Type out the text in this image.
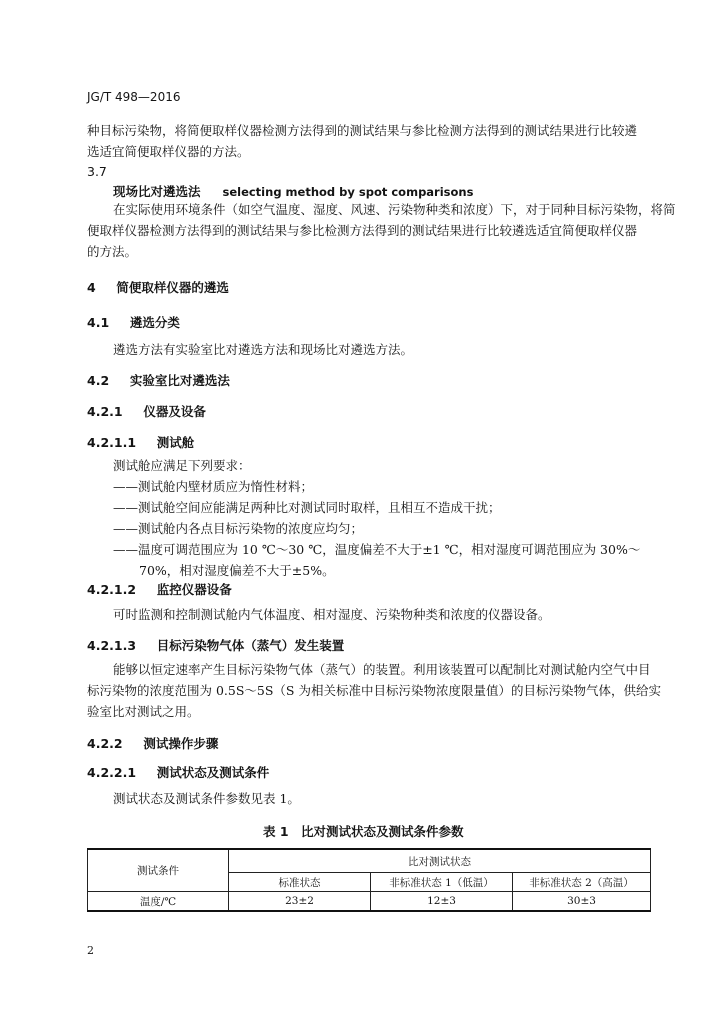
JG/T 498—2016
种目标污染物，将简便取样仪器检测方法得到的测试结果与参比检测方法得到的测试结果进行比较遴
选适宜简便取样仪器的方法。
3.7
现场比对遴选法 selecting method by spot comparisons
在实际使用环境条件（如空气温度、湿度、风速、污染物种类和浓度）下，对于同种目标污染物，将简
便取样仪器检测方法得到的测试结果与参比检测方法得到的测试结果进行比较遴选适宜简便取样仪器
的方法。
4 简便取样仪器的遴选
4.1 遴选分类
遴选方法有实验室比对遴选方法和现场比对遴选方法。
4.2 实验室比对遴选法
4.2.1 仪器及设备
4.2.1.1 测试舱
测试舱应满足下列要求：
——测试舱内壁材质应为惰性材料；
——测试舱空间应能满足两种比对测试同时取样，且相互不造成干扰；
——测试舱内各点目标污染物的浓度应均匀；
——温度可调范围应为 10 ℃～30 ℃，温度偏差不大于±1 ℃，相对湿度可调范围应为 30%～
70%，相对湿度偏差不大于±5%。
4.2.1.2 监控仪器设备
可时监测和控制测试舱内气体温度、相对湿度、污染物种类和浓度的仪器设备。
4.2.1.3 目标污染物气体（蒸气）发生装置
能够以恒定速率产生目标污染物气体（蒸气）的装置。利用该装置可以配制比对测试舱内空气中目
标污染物的浓度范围为 0.5S～5S（S 为相关标准中目标污染物浓度限量值）的目标污染物气体，供给实
验室比对测试之用。
4.2.2 测试操作步骤
4.2.2.1 测试状态及测试条件
测试状态及测试条件参数见表 1。
表 1　比对测试状态及测试条件参数
测试条件	比对测试状态		
	标准状态	非标准状态 1（低温）	非标准状态 2（高温）
温度/℃	23±2	12±3	30±3
2
